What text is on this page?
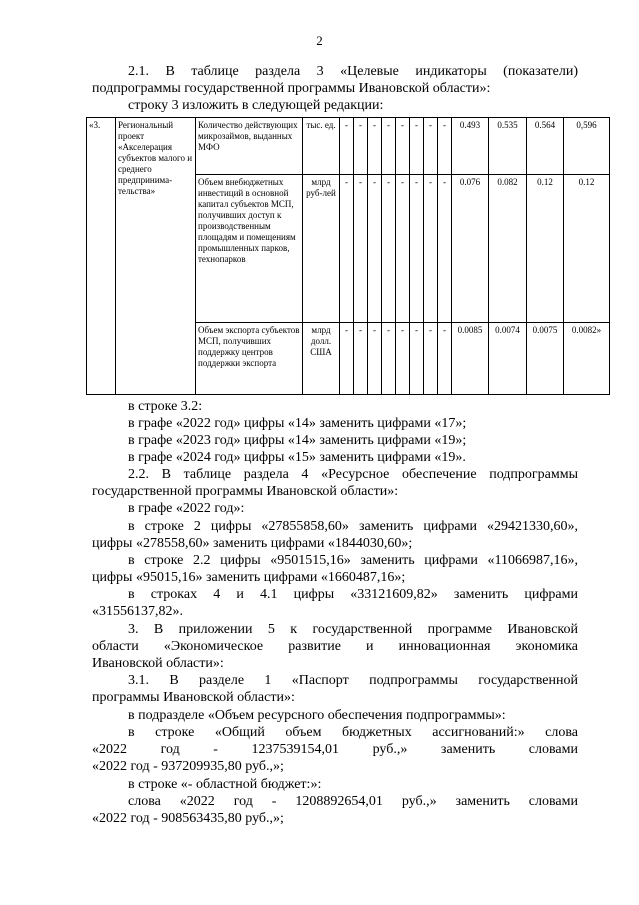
2

2.1. В таблице раздела 3 «Целевые индикаторы (показатели)

подпрограммы государственной программы Ивановской области»:

строку 3 изложить в следующей редакции:

«3.	Региональный проект «Акселерация субъектов малого и среднего предпринима-тельства»	Количество действующих микрозаймов, выданных МФО	тыс. ед.	-	-	-	-	-	-	-	-	0.493	0.535	0.564	0,596
		Объем внебюджетных инвестиций в основной капитал субъектов МСП, получивших доступ к производственным площадям и помещениям промышленных парков, технопарков	млрд руб-лей	-	-	-	-	-	-	-	-	0.076	0.082	0.12	0.12
		Объем экспорта субъектов МСП, получивших поддержку центров поддержки экспорта	млрд долл. США	-	-	-	-	-	-	-	-	0.0085	0.0074	0.0075	0.0082»

в строке 3.2:

в графе «2022 год» цифры «14» заменить цифрами «17»;

в графе «2023 год» цифры «14» заменить цифрами «19»;

в графе «2024 год» цифры «15» заменить цифрами «19».

2.2. В таблице раздела 4 «Ресурсное обеспечение подпрограммы

государственной программы Ивановской области»:

в графе «2022 год»:

в строке 2 цифры «27855858,60» заменить цифрами «29421330,60»,

цифры «278558,60» заменить цифрами «1844030,60»;

в строке 2.2 цифры «9501515,16» заменить цифрами «11066987,16»,

цифры «95015,16» заменить цифрами «1660487,16»;

в строках 4 и 4.1 цифры «33121609,82» заменить цифрами

«31556137,82».

3. В приложении 5 к государственной программе Ивановской

области «Экономическое развитие и инновационная экономика

Ивановской области»:

3.1. В разделе 1 «Паспорт подпрограммы государственной

программы Ивановской области»:

в подразделе «Объем ресурсного обеспечения подпрограммы»:

в строке «Общий объем бюджетных ассигнований:» слова

«2022 год - 1237539154,01 руб.,» заменить словами

«2022 год - 937209935,80 руб.,»;

в строке «- областной бюджет:»:

слова «2022 год - 1208892654,01 руб.,» заменить словами

«2022 год - 908563435,80 руб.,»;
